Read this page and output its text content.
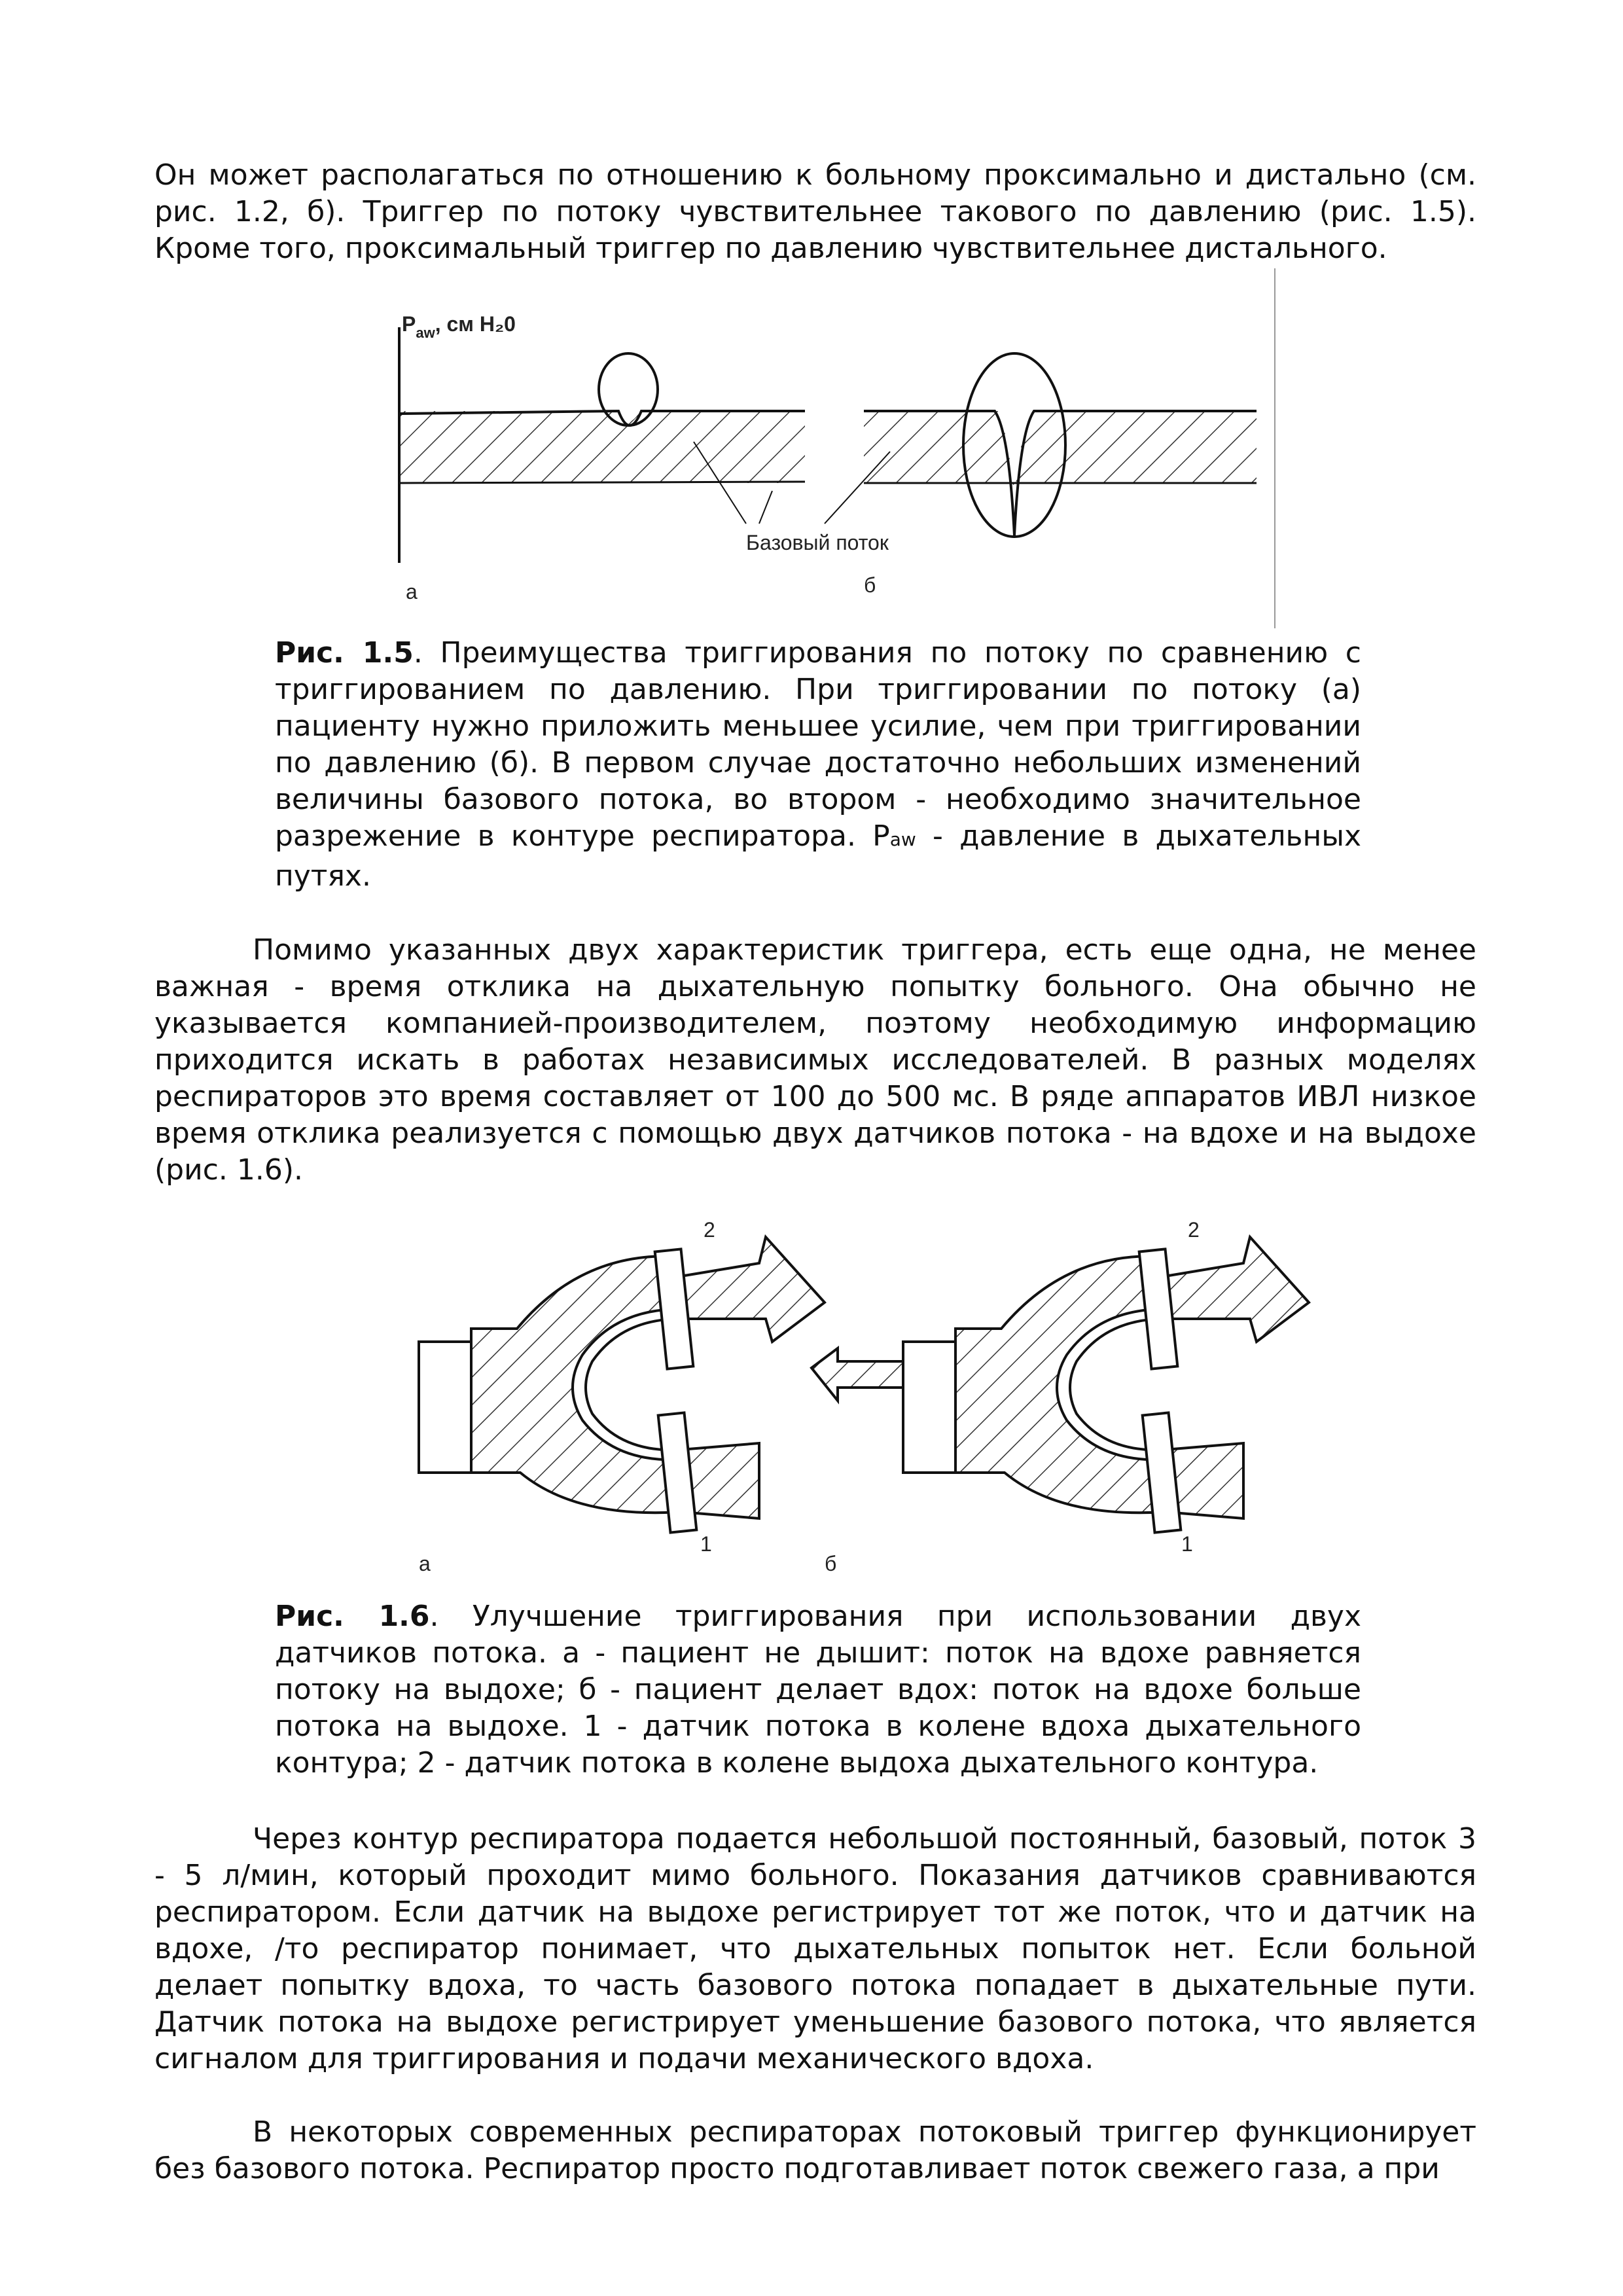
Он может располагаться по отношению к больному проксимально и дистально (см. рис. 1.2, б). Триггер по потоку чувствительнее такового по давлению (рис. 1.5). Кроме того, проксимальный триггер по давлению чувствительнее дистального.

$P_{aw}$, см H₂0
Базовый поток
а	б

Рис. 1.5. Преимущества триггирования по потоку по сравнению с триггированием по давлению. При триггировании по потоку (а) пациенту нужно приложить меньшее усилие, чем при триггировании по давлению (б). В первом случае достаточно небольших изменений величины базового потока, во втором - необходимо значительное разрежение в контуре респиратора. Paw - давление в дыхательных путях.

Помимо указанных двух характеристик триггера, есть еще одна, не менее важная - время отклика на дыхательную попытку больного. Она обычно не указывается компанией-производителем, поэтому необходимую информацию приходится искать в работах независимых исследователей. В разных моделях респираторов это время составляет от 100 до 500 мс. В ряде аппаратов ИВЛ низкое время отклика реализуется с помощью двух датчиков потока - на вдохе и на выдохе (рис. 1.6).

2
1
а
2
1
б

Рис. 1.6. Улучшение триггирования при использовании двух датчиков потока. а - пациент не дышит: поток на вдохе равняется потоку на выдохе; б - пациент делает вдох: поток на вдохе больше потока на выдохе. 1 - датчик потока в колене вдоха дыхательного контура; 2 - датчик потока в колене выдоха дыхательного контура.

Через контур респиратора подается небольшой постоянный, базовый, поток 3 - 5 л/мин, который проходит мимо больного. Показания датчиков сравниваются респиратором. Если датчик на выдохе регистрирует тот же поток, что и датчик на вдохе, /то респиратор понимает, что дыхательных попыток нет. Если больной делает попытку вдоха, то часть базового потока попадает в дыхательные пути. Датчик потока на выдохе регистрирует уменьшение базового потока, что является сигналом для триггирования и подачи механического вдоха.

В некоторых современных респираторах потоковый триггер функционирует без базового потока. Респиратор просто подготавливает поток свежего газа, а при
